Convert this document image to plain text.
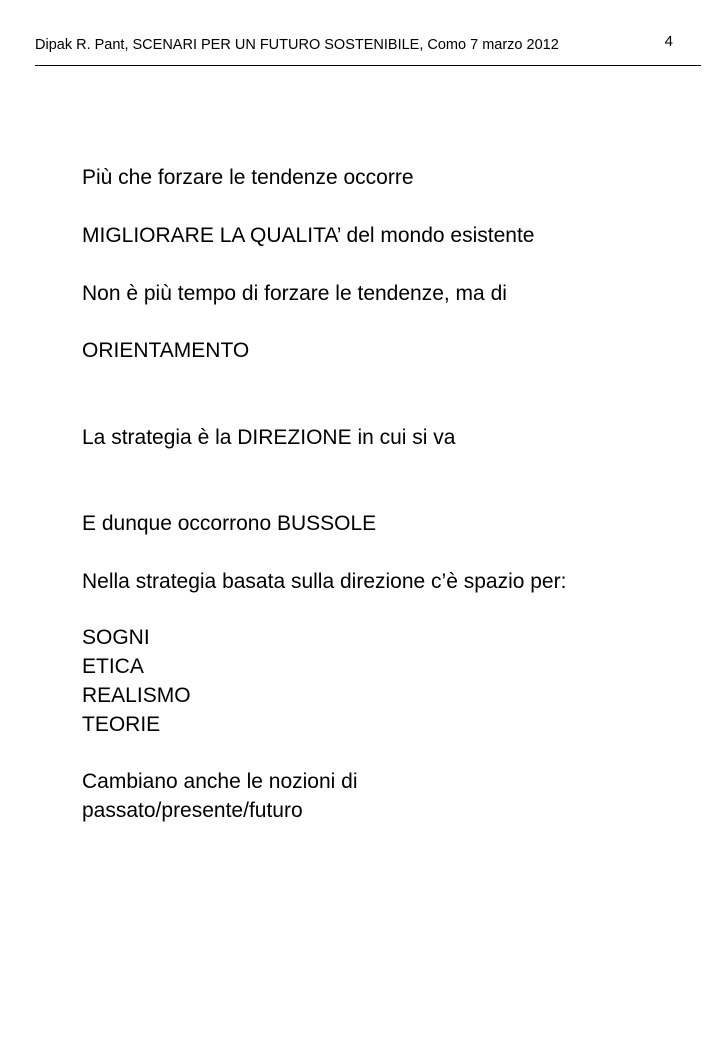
Dipak R. Pant, SCENARI PER UN FUTURO SOSTENIBILE, Como 7 marzo 2012	4
Più che forzare le tendenze occorre
MIGLIORARE LA QUALITA’ del mondo esistente
Non è più tempo di forzare le tendenze, ma di
ORIENTAMENTO
La strategia è la DIREZIONE in cui si va
E dunque occorrono BUSSOLE
Nella strategia basata sulla direzione c’è spazio per:
SOGNI
ETICA
REALISMO
TEORIE
Cambiano anche le nozioni di
passato/presente/futuro
